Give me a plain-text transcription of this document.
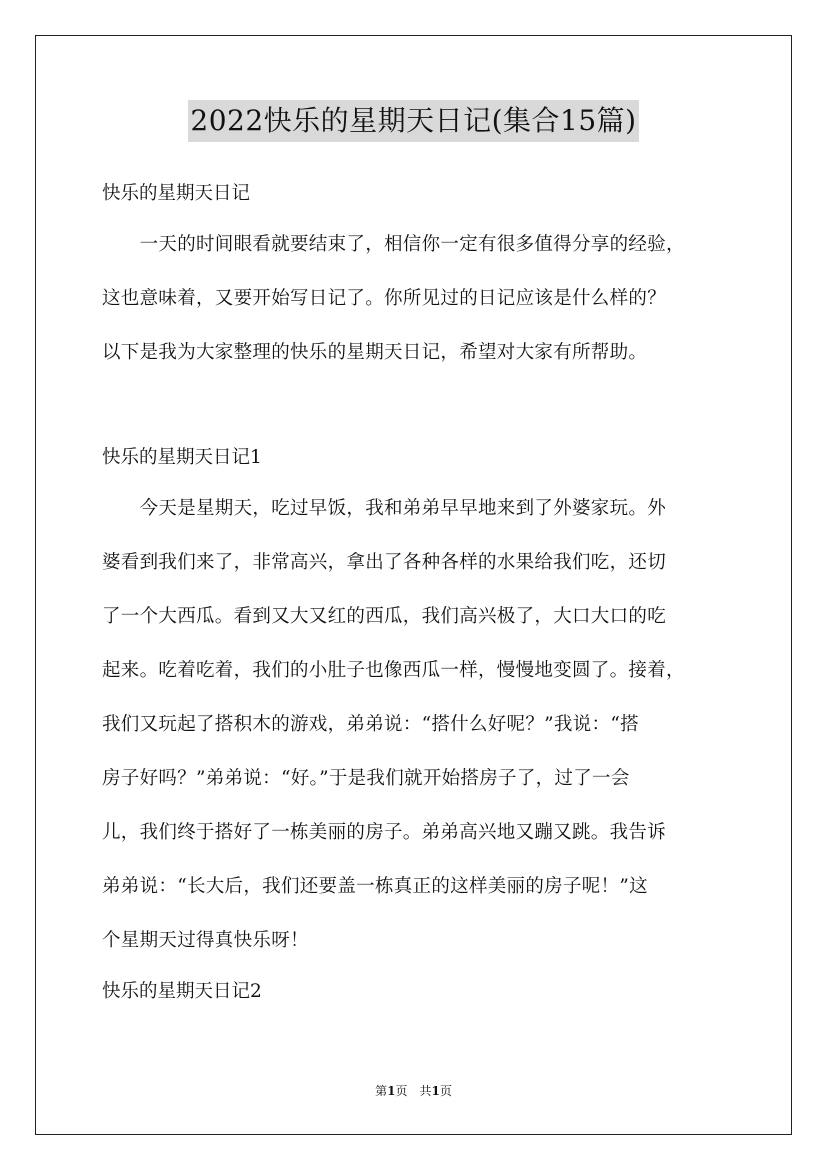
2022快乐的星期天日记(集合15篇)
快乐的星期天日记
　　一天的时间眼看就要结束了，相信你一定有很多值得分享的经验，
这也意味着，又要开始写日记了。你所见过的日记应该是什么样的？
以下是我为大家整理的快乐的星期天日记，希望对大家有所帮助。
快乐的星期天日记1
　　今天是星期天，吃过早饭，我和弟弟早早地来到了外婆家玩。外
婆看到我们来了，非常高兴，拿出了各种各样的水果给我们吃，还切
了一个大西瓜。看到又大又红的西瓜，我们高兴极了，大口大口的吃
起来。吃着吃着，我们的小肚子也像西瓜一样，慢慢地变圆了。接着，
我们又玩起了搭积木的游戏，弟弟说：“搭什么好呢？”我说：“搭
房子好吗？”弟弟说：“好。”于是我们就开始搭房子了，过了一会
儿，我们终于搭好了一栋美丽的房子。弟弟高兴地又蹦又跳。我告诉
弟弟说：“长大后，我们还要盖一栋真正的这样美丽的房子呢！”这
个星期天过得真快乐呀！
快乐的星期天日记2
第1页　共1页
